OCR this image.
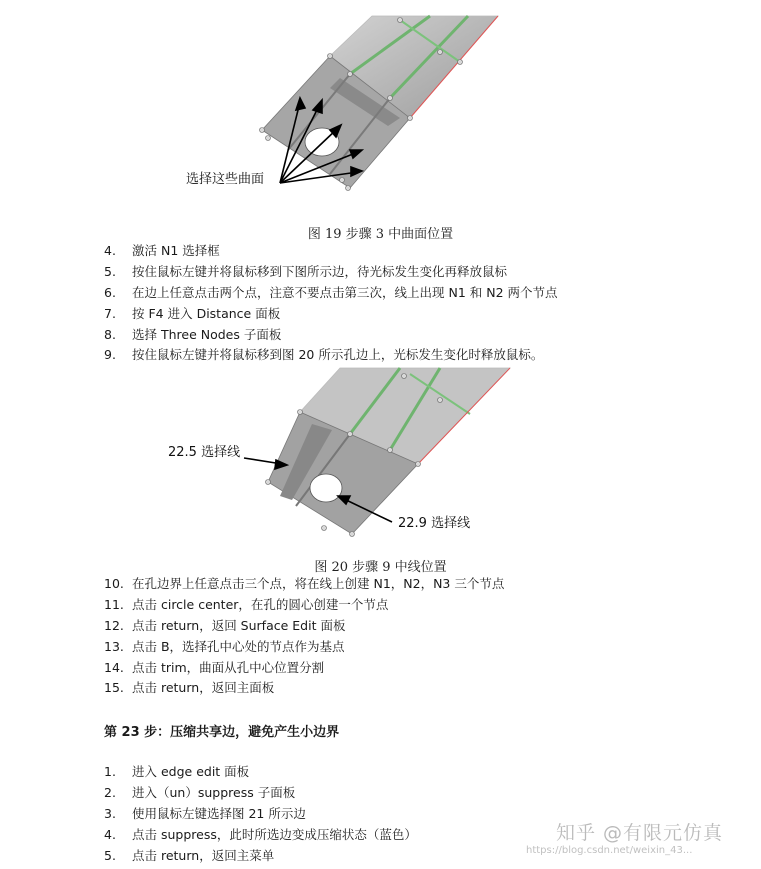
选择这些曲面
图 19 步骤 3 中曲面位置
4. 激活 N1 选择框
5. 按住鼠标左键并将鼠标移到下图所示边，待光标发生变化再释放鼠标
6. 在边上任意点击两个点，注意不要点击第三次，线上出现 N1 和 N2 两个节点
7. 按 F4 进入 Distance 面板
8. 选择 Three Nodes 子面板
9. 按住鼠标左键并将鼠标移到图 20 所示孔边上，光标发生变化时释放鼠标。
22.5 选择线
22.9 选择线
图 20 步骤 9 中线位置
10. 在孔边界上任意点击三个点，将在线上创建 N1，N2，N3 三个节点
11. 点击 circle center，在孔的圆心创建一个节点
12. 点击 return，返回 Surface Edit 面板
13. 点击 B，选择孔中心处的节点作为基点
14. 点击 trim，曲面从孔中心位置分割
15. 点击 return，返回主面板
第 23 步：压缩共享边，避免产生小边界
1. 进入 edge edit 面板
2. 进入（un）suppress 子面板
3. 使用鼠标左键选择图 21 所示边
4. 点击 suppress，此时所选边变成压缩状态（蓝色）
5. 点击 return，返回主菜单
知乎 @有限元仿真
https://blog.csdn.net/weixin_43...
